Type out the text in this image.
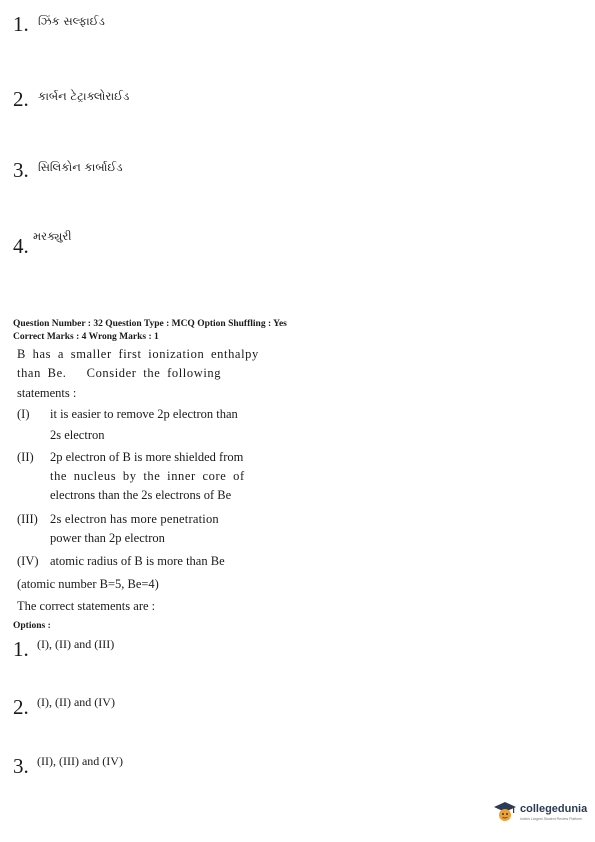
1. ઝિંક સલ્ફાઈડ
2. કાર્બન ટેટ્રાક્લોરાઈડ
3. સિલિકોન કાર્બાઈડ
4. મરક્યુરી
Question Number : 32 Question Type : MCQ Option Shuffling : Yes
Correct Marks : 4 Wrong Marks : 1
B has a smaller first ionization enthalpy
than Be.   Consider the following
statements :
(I) it is easier to remove 2p electron than
2s electron
(II) 2p electron of B is more shielded from
the nucleus by the inner core of
electrons than the 2s electrons of Be
(III) 2s electron has more penetration
power than 2p electron
(IV) atomic radius of B is more than Be
(atomic number B=5, Be=4)
The correct statements are :
Options :
1. (I), (II) and (III)
2. (I), (II) and (IV)
3. (II), (III) and (IV)
collegedunia
India's Largest Student Review Platform
